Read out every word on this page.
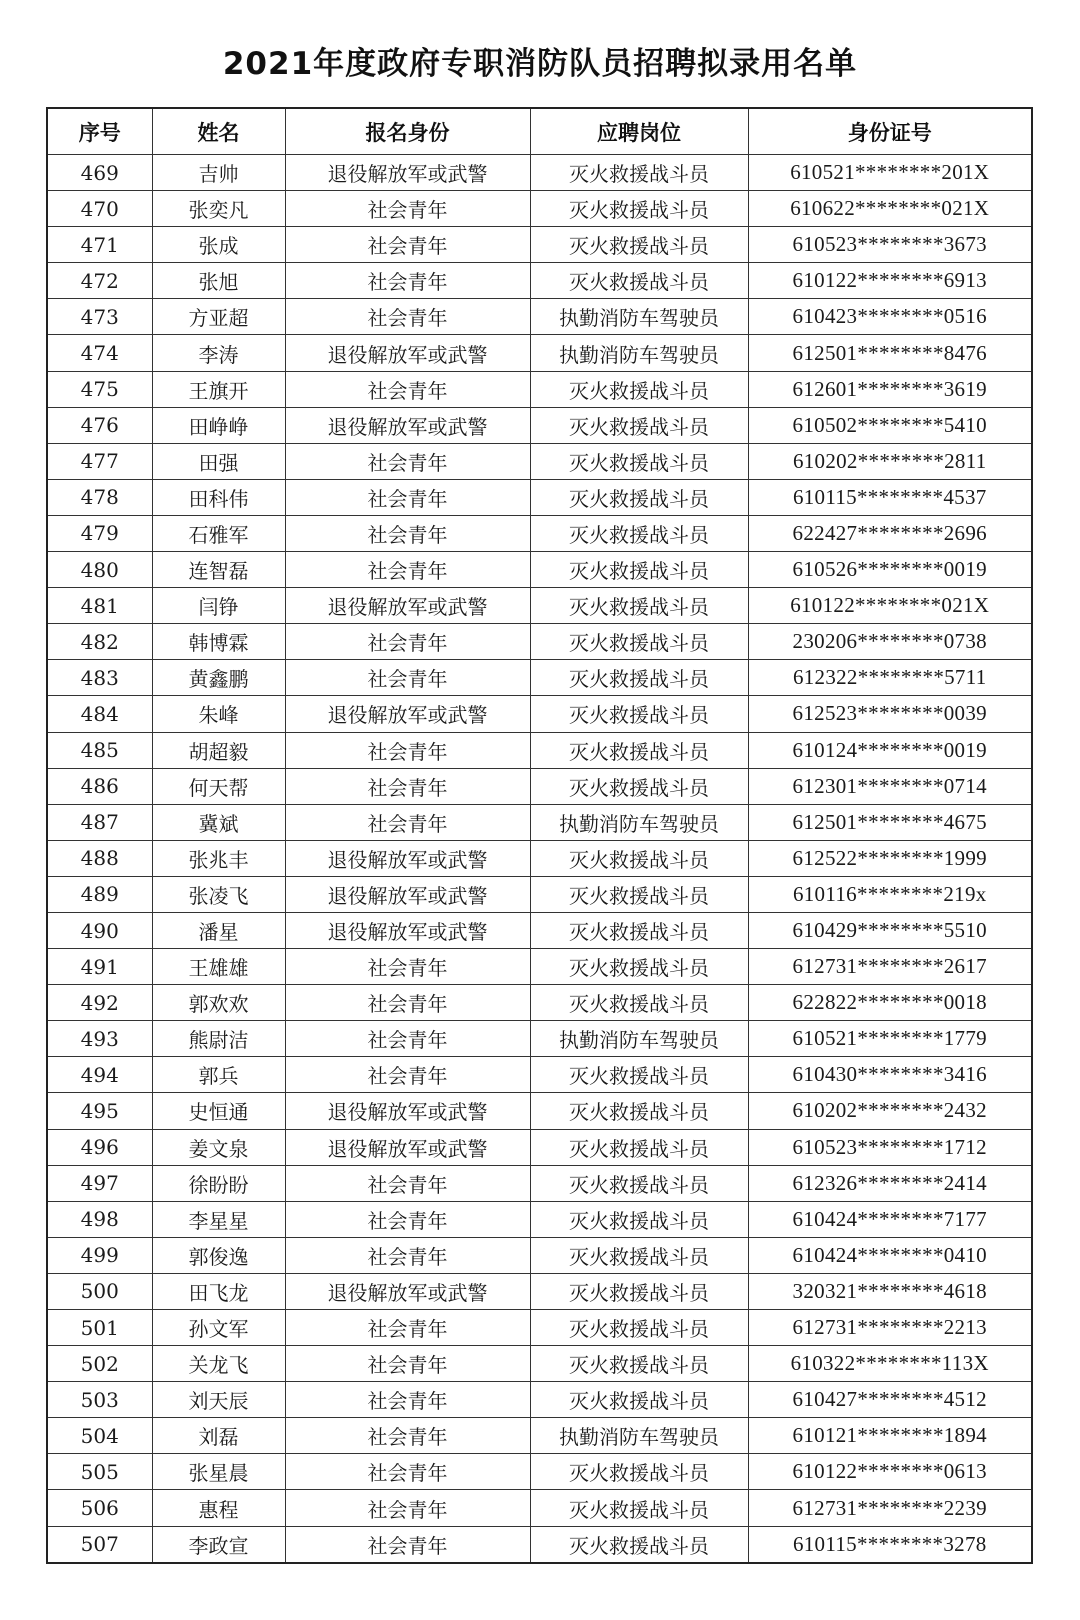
2021年度政府专职消防队员招聘拟录用名单
序号	姓名	报名身份	应聘岗位	身份证号
469	吉帅	退役解放军或武警	灭火救援战斗员	610521********201X
470	张奕凡	社会青年	灭火救援战斗员	610622********021X
471	张成	社会青年	灭火救援战斗员	610523********3673
472	张旭	社会青年	灭火救援战斗员	610122********6913
473	方亚超	社会青年	执勤消防车驾驶员	610423********0516
474	李涛	退役解放军或武警	执勤消防车驾驶员	612501********8476
475	王旗开	社会青年	灭火救援战斗员	612601********3619
476	田峥峥	退役解放军或武警	灭火救援战斗员	610502********5410
477	田强	社会青年	灭火救援战斗员	610202********2811
478	田科伟	社会青年	灭火救援战斗员	610115********4537
479	石雅军	社会青年	灭火救援战斗员	622427********2696
480	连智磊	社会青年	灭火救援战斗员	610526********0019
481	闫铮	退役解放军或武警	灭火救援战斗员	610122********021X
482	韩博霖	社会青年	灭火救援战斗员	230206********0738
483	黄鑫鹏	社会青年	灭火救援战斗员	612322********5711
484	朱峰	退役解放军或武警	灭火救援战斗员	612523********0039
485	胡超毅	社会青年	灭火救援战斗员	610124********0019
486	何天帮	社会青年	灭火救援战斗员	612301********0714
487	冀斌	社会青年	执勤消防车驾驶员	612501********4675
488	张兆丰	退役解放军或武警	灭火救援战斗员	612522********1999
489	张凌飞	退役解放军或武警	灭火救援战斗员	610116********219x
490	潘星	退役解放军或武警	灭火救援战斗员	610429********5510
491	王雄雄	社会青年	灭火救援战斗员	612731********2617
492	郭欢欢	社会青年	灭火救援战斗员	622822********0018
493	熊尉洁	社会青年	执勤消防车驾驶员	610521********1779
494	郭兵	社会青年	灭火救援战斗员	610430********3416
495	史恒通	退役解放军或武警	灭火救援战斗员	610202********2432
496	姜文泉	退役解放军或武警	灭火救援战斗员	610523********1712
497	徐盼盼	社会青年	灭火救援战斗员	612326********2414
498	李星星	社会青年	灭火救援战斗员	610424********7177
499	郭俊逸	社会青年	灭火救援战斗员	610424********0410
500	田飞龙	退役解放军或武警	灭火救援战斗员	320321********4618
501	孙文军	社会青年	灭火救援战斗员	612731********2213
502	关龙飞	社会青年	灭火救援战斗员	610322********113X
503	刘天辰	社会青年	灭火救援战斗员	610427********4512
504	刘磊	社会青年	执勤消防车驾驶员	610121********1894
505	张星晨	社会青年	灭火救援战斗员	610122********0613
506	惠程	社会青年	灭火救援战斗员	612731********2239
507	李政宣	社会青年	灭火救援战斗员	610115********3278
